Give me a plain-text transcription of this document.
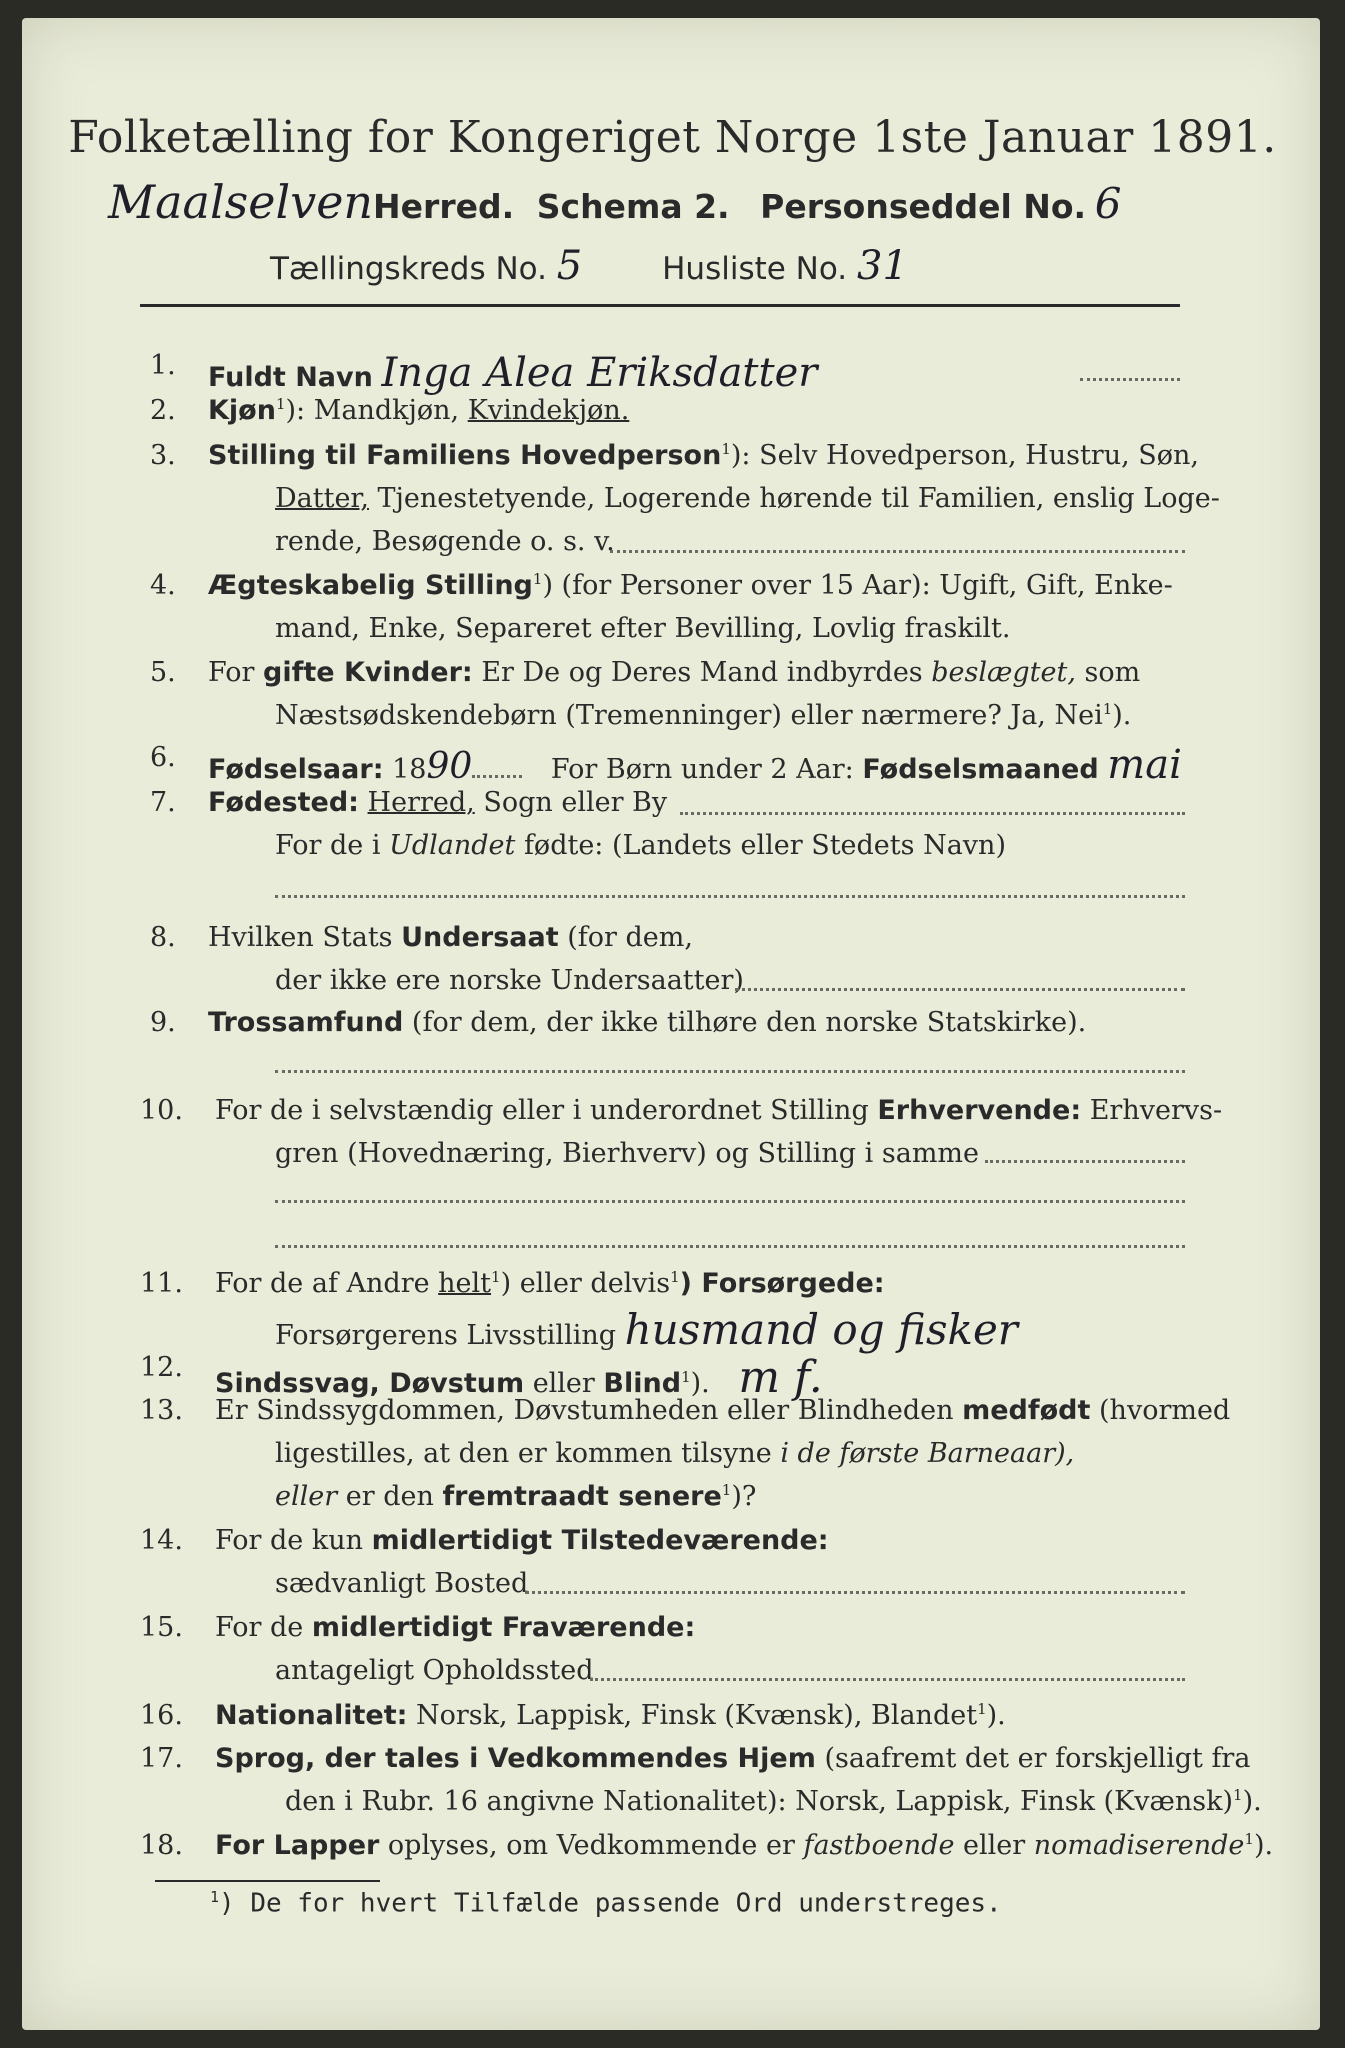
Folketælling for Kongeriget Norge 1ste Januar 1891.
MaalselvenHerred. Schema 2. Personseddel No. 6
Tællingskreds No. 5	Husliste No. 31
1. Fuldt Navn Inga Alea Eriksdatter
2. Kjøn$^1$): Mandkjøn, Kvindekjøn.
3. Stilling til Familiens Hovedperson$^1$): Selv Hovedperson, Hustru, Søn,
Datter, Tjenestetyende, Logerende hørende til Familien, enslig Loge-
rende, Besøgende o. s. v.
4. Ægteskabelig Stilling$^1$) (for Personer over 15 Aar): Ugift, Gift, Enke-
mand, Enke, Separeret efter Bevilling, Lovlig fraskilt.
5. For gifte Kvinder: Er De og Deres Mand indbyrdes beslægtet, som
Næstsødskendebørn (Tremenninger) eller nærmere? Ja, Nei$^1$).
6. Fødselsaar: 1890	For Børn under 2 Aar: Fødselsmaaned mai
7. Fødested: Herred, Sogn eller By
For de i Udlandet fødte: (Landets eller Stedets Navn)
8. Hvilken Stats Undersaat (for dem,
der ikke ere norske Undersaatter)
9. Trossamfund (for dem, der ikke tilhøre den norske Statskirke).
10. For de i selvstændig eller i underordnet Stilling Erhvervende: Erhvervs-
gren (Hovednæring, Bierhverv) og Stilling i samme
11. For de af Andre helt$^1$) eller delvis$^1$) Forsørgede:
Forsørgerens Livsstilling husmand og fisker
12.
Sindssvag, Døvstum eller Blind$^1$). m f.
13. Er Sindssygdommen, Døvstumheden eller Blindheden medfødt (hvormed
ligestilles, at den er kommen tilsyne i de første Barneaar),
eller er den fremtraadt senere$^1$)?
14. For de kun midlertidigt Tilstedeværende:
sædvanligt Bosted
15. For de midlertidigt Fraværende:
antageligt Opholdssted
16. Nationalitet: Norsk, Lappisk, Finsk (Kvænsk), Blandet$^1$).
17. Sprog, der tales i Vedkommendes Hjem (saafremt det er forskjelligt fra
den i Rubr. 16 angivne Nationalitet): Norsk, Lappisk, Finsk (Kvænsk)$^1$).
18. For Lapper oplyses, om Vedkommende er fastboende eller nomadiserende$^1$).
$^1$) De for hvert Tilfælde passende Ord understreges.
